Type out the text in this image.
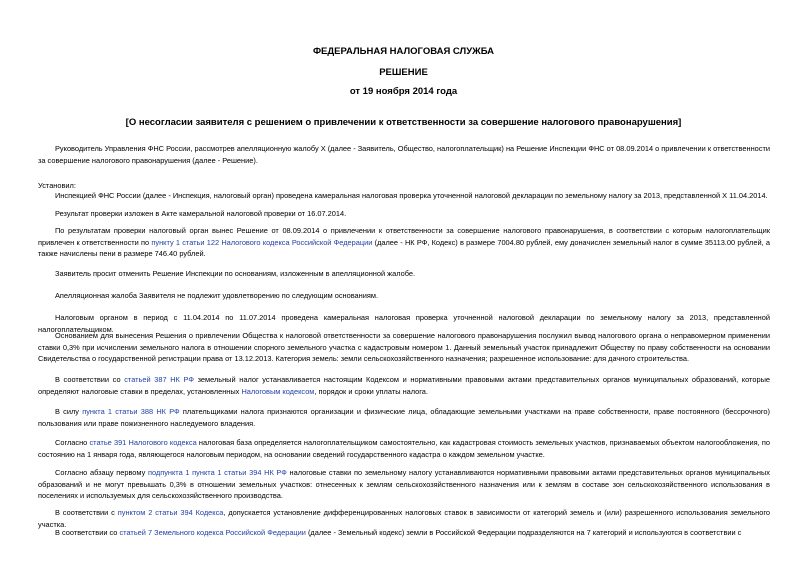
ФЕДЕРАЛЬНАЯ НАЛОГОВАЯ СЛУЖБА
РЕШЕНИЕ
от 19 ноября 2014 года
[О несогласии заявителя с решением о привлечении к ответственности за совершение налогового правонарушения]
Руководитель Управления ФНС России, рассмотрев апелляционную жалобу Х (далее - Заявитель, Общество, налогоплательщик) на Решение Инспекции ФНС от 08.09.2014 о привлечении к ответственности за совершение налогового правонарушения (далее - Решение).
Установил:
Инспекцией ФНС России (далее - Инспекция, налоговый орган) проведена камеральная налоговая проверка уточненной налоговой декларации по земельному налогу за 2013, представленной Х 11.04.2014.
Результат проверки изложен в Акте камеральной налоговой проверки от 16.07.2014.
По результатам проверки налоговый орган вынес Решение от 08.09.2014 о привлечении к ответственности за совершение налогового правонарушения, в соответствии с которым налогоплательщик привлечен к ответственности по пункту 1 статьи 122 Налогового кодекса Российской Федерации (далее - НК РФ, Кодекс) в размере 7004.80 рублей, ему доначислен земельный налог в сумме 35113.00 рублей, а также начислены пени в размере 746.40 рублей.
Заявитель просит отменить Решение Инспекции по основаниям, изложенным в апелляционной жалобе.
Апелляционная жалоба Заявителя не подлежит удовлетворению по следующим основаниям.
Налоговым органом в период с 11.04.2014 по 11.07.2014 проведена камеральная налоговая проверка уточненной налоговой декларации по земельному налогу за 2013, представленной налогоплательщиком.
Основанием для вынесения Решения о привлечении Общества к налоговой ответственности за совершение налогового правонарушения послужил вывод налогового органа о неправомерном применении ставки 0,3% при исчислении земельного налога в отношении спорного земельного участка с кадастровым номером 1. Данный земельный участок принадлежит Обществу по праву собственности на основании Свидетельства о государственной регистрации права от 13.12.2013. Категория земель: земли сельскохозяйственного назначения; разрешенное использование: для дачного строительства.
В соответствии со статьей 387 НК РФ земельный налог устанавливается настоящим Кодексом и нормативными правовыми актами представительных органов муниципальных образований, которые определяют налоговые ставки в пределах, установленных Налоговым кодексом, порядок и сроки уплаты налога.
В силу пункта 1 статьи 388 НК РФ плательщиками налога признаются организации и физические лица, обладающие земельными участками на праве собственности, праве постоянного (бессрочного) пользования или праве пожизненного наследуемого владения.
Согласно статье 391 Налогового кодекса налоговая база определяется налогоплательщиком самостоятельно, как кадастровая стоимость земельных участков, признаваемых объектом налогообложения, по состоянию на 1 января года, являющегося налоговым периодом, на основании сведений государственного кадастра о каждом земельном участке.
Согласно абзацу первому подпункта 1 пункта 1 статьи 394 НК РФ налоговые ставки по земельному налогу устанавливаются нормативными правовыми актами представительных органов муниципальных образований и не могут превышать 0,3% в отношении земельных участков: отнесенных к землям сельскохозяйственного назначения или к землям в составе зон сельскохозяйственного использования в поселениях и используемых для сельскохозяйственного производства.
В соответствии с пунктом 2 статьи 394 Кодекса, допускается установление дифференцированных налоговых ставок в зависимости от категорий земель и (или) разрешенного использования земельного участка.
В соответствии со статьей 7 Земельного кодекса Российской Федерации (далее - Земельный кодекс) земли в Российской Федерации подразделяются на 7 категорий и используются в соответствии с
